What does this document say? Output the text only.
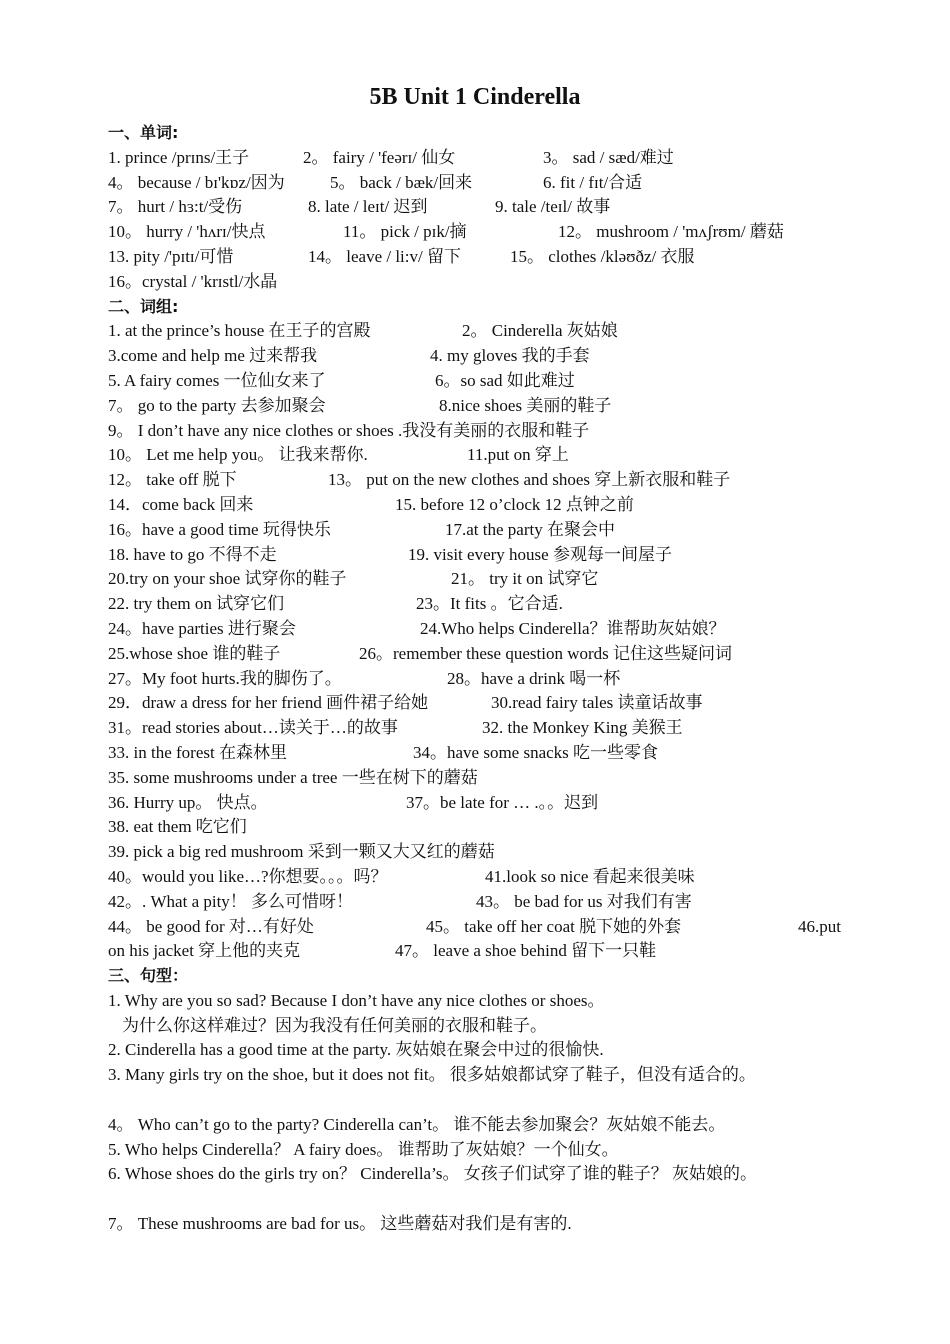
5B Unit 1 Cinderella
一、单词:
1. prince /prɪns/王子	2。 fairy / 'feərɪ/ 仙女	3。 sad / sæd/难过
4。 because / bɪ'kɒz/因为	5。 back / bæk/回来	6. fit / fɪt/合适
7。 hurt / hɜ:t/受伤	8. late / leɪt/ 迟到	9. tale /teɪl/ 故事
10。 hurry / 'hʌrɪ/快点	11。 pick / pɪk/摘	12。 mushroom / 'mʌʃrʊm/ 蘑菇
13. pity /'pɪtɪ/可惜	14。 leave / li:v/ 留下	15。 clothes /kləʊðz/ 衣服
16。crystal / 'krɪstl/水晶
二、词组:
1. at the prince’s house 在王子的宫殿	2。 Cinderella 灰姑娘
3.come and help me 过来帮我	4. my gloves 我的手套
5. A fairy comes 一位仙女来了	6。so sad 如此难过
7。 go to the party 去参加聚会	8.nice shoes 美丽的鞋子
9。 I don’t have any nice clothes or shoes .我没有美丽的衣服和鞋子
10。 Let me help you。 让我来帮你.	11.put on 穿上
12。 take off 脱下	13。 put on the new clothes and shoes 穿上新衣服和鞋子
14．come back 回来	15. before 12 o’clock 12 点钟之前
16。have a good time 玩得快乐	17.at the party 在聚会中
18. have to go 不得不走	19. visit every house 参观每一间屋子
20.try on your shoe 试穿你的鞋子	21。 try it on 试穿它
22. try them on 试穿它们	23。It fits 。它合适.
24。have parties 进行聚会	24.Who helps Cinderella？谁帮助灰姑娘？
25.whose shoe 谁的鞋子	26。remember these question words 记住这些疑问词
27。My foot hurts.我的脚伤了。	28。have a drink 喝一杯
29．draw a dress for her friend 画件裙子给她	30.read fairy tales 读童话故事
31。read stories about…读关于…的故事	32. the Monkey King 美猴王
33. in the forest 在森林里	34。have some snacks 吃一些零食
35. some mushrooms under a tree 一些在树下的蘑菇
36. Hurry up。 快点。	37。be late for … .。。迟到
38. eat them 吃它们
39. pick a big red mushroom 采到一颗又大又红的蘑菇
40。would you like…?你想要。。。吗？	41.look so nice 看起来很美味
42。. What a pity！ 多么可惜呀！	43。 be bad for us 对我们有害
44。 be good for 对…有好处	45。 take off her coat 脱下她的外套	46.put
on his jacket 穿上他的夹克	47。 leave a shoe behind 留下一只鞋
三、句型：
1. Why are you so sad? Because I don’t have any nice clothes or shoes。
为什么你这样难过？因为我没有任何美丽的衣服和鞋子。
2. Cinderella has a good time at the party. 灰姑娘在聚会中过的很愉快.
3. Many girls try on the shoe, but it does not fit。 很多姑娘都试穿了鞋子，但没有适合的。
4。 Who can’t go to the party? Cinderella can’t。 谁不能去参加聚会？灰姑娘不能去。
5. Who helps Cinderella？ A fairy does。 谁帮助了灰姑娘？一个仙女。
6. Whose shoes do the girls try on？ Cinderella’s。 女孩子们试穿了谁的鞋子？ 灰姑娘的。
7。 These mushrooms are bad for us。 这些蘑菇对我们是有害的.
